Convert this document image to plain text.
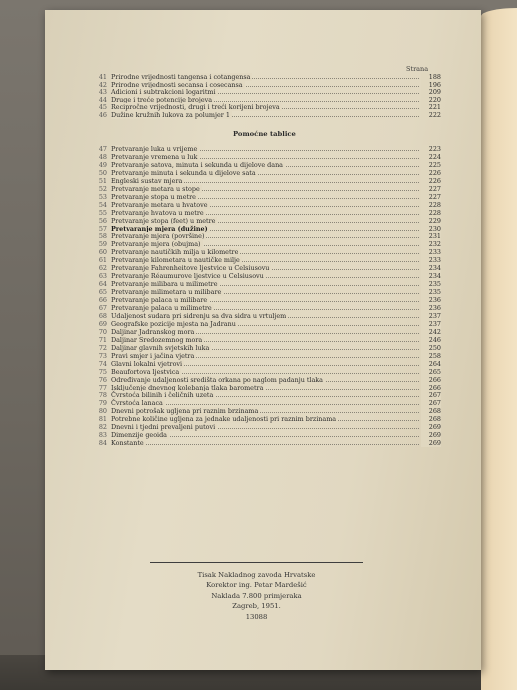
Strana
41 Prirodne vrijednosti tangensa i cotangensa	188
42 Prirodne vrijednosti secansa i cosecansa	196
43 Adicioni i subtrakcioni logaritmi	209
44 Druge i treće potencije brojeva	220
45 Recipročne vrijednosti, drugi i treći korijeni brojeva	221
46 Dužine kružnih lukova za polumjer 1	222
Pomoćne tablice
47 Pretvaranje luka u vrijeme	223
48 Pretvaranje vremena u luk	224
49 Pretvaranje satova, minuta i sekunda u dijelove dana	225
50 Pretvaranje minuta i sekunda u dijelove sata	226
51 Engleski sustav mjera	226
52 Pretvaranje metara u stope	227
53 Pretvaranje stopa u metre	227
54 Pretvaranje metara u hvatove	228
55 Pretvaranje hvatova u metre	228
56 Pretvaranje stopa (feet) u metre	229
57 Pretvaranje mjera (dužine)	230
58 Pretvaranje mjera (površine)	231
59 Pretvaranje mjera (obujma)	232
60 Pretvaranje nautičkih milja u kilometre	233
61 Pretvaranje kilometara u nautičke milje	233
62 Pretvaranje Fahrenheitove ljestvice u Celsiusovu	234
63 Pretvaranje Réaumurove ljestvice u Celsiusovu	234
64 Pretvaranje milibara u milimetre	235
65 Pretvaranje milimetara u milibare	235
66 Pretvaranje palaca u milibare	236
67 Pretvaranje palaca u milimetre	236
68 Udaljenost sudara pri sidrenju sa dva sidra u vrtuljem	237
69 Geografske pozicije mjesta na Jadranu	237
70 Daljinar Jadranskog mora	242
71 Daljinar Sredozemnog mora	246
72 Daljinar glavnih svjetskih luka	250
73 Pravi smjer i jačina vjetra	258
74 Glavni lokalni vjetrovi	264
75 Beaufortova ljestvica	265
76 Određivanje udaljenosti središta orkana po naglom padanju tlaka	266
77 Isključenje dnevnog kolebanja tlaka barometra	266
78 Čvrstoća bilinih i čeličnih uzeta	267
79 Čvrstoća lanaca	267
80 Dnevni potrošak ugljena pri raznim brzinama	268
81 Potrebne količine ugljena za jednake udaljenosti pri raznim brzinama	268
82 Dnevni i tjedni prevaljeni putovi	269
83 Dimenzije geoida	269
84 Konstante	269
Tisak Nakladnog zavoda Hrvatske
Korektor ing. Petar Mardešić
Naklada 7.800 primjeraka
Zagreb, 1951.
13088
